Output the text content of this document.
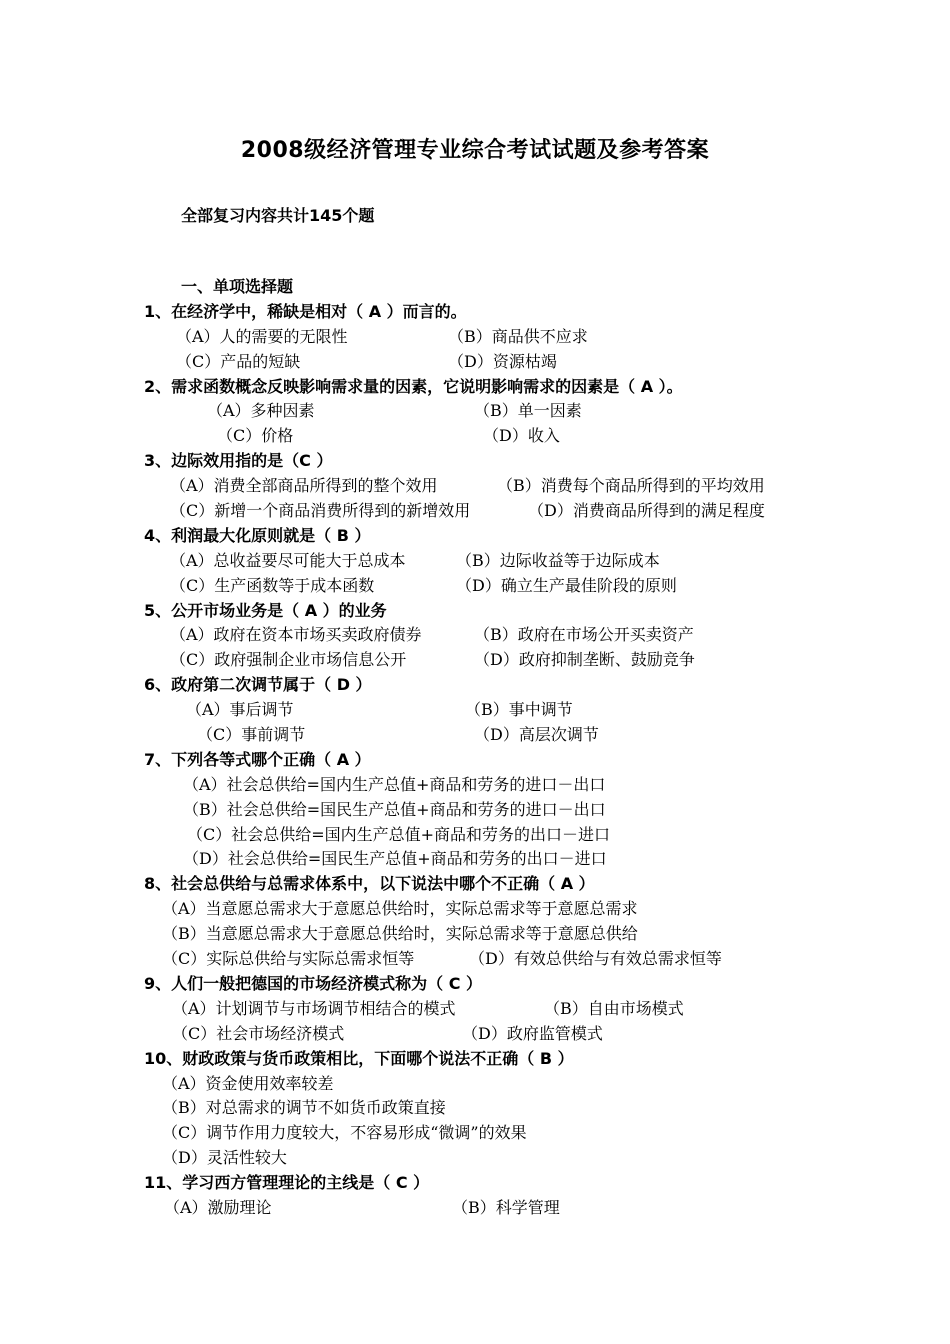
2008级经济管理专业综合考试试题及参考答案
全部复习内容共计145个题
一、单项选择题
1、在经济学中，稀缺是相对（ A ）而言的。
（A）人的需要的无限性	（B）商品供不应求
（C）产品的短缺	（D）资源枯竭
2、需求函数概念反映影响需求量的因素，它说明影响需求的因素是（ A ）。
（A）多种因素	（B）单一因素
（C）价格	（D）收入
3、边际效用指的是（C ）
（A）消费全部商品所得到的整个效用	（B）消费每个商品所得到的平均效用
（C）新增一个商品消费所得到的新增效用	（D）消费商品所得到的满足程度
4、利润最大化原则就是（ B ）
（A）总收益要尽可能大于总成本	（B）边际收益等于边际成本
（C）生产函数等于成本函数	（D）确立生产最佳阶段的原则
5、公开市场业务是（ A ）的业务
（A）政府在资本市场买卖政府债券	（B）政府在市场公开买卖资产
（C）政府强制企业市场信息公开	（D）政府抑制垄断、鼓励竞争
6、政府第二次调节属于（ D ）
（A）事后调节	（B）事中调节
（C）事前调节	（D）高层次调节
7、下列各等式哪个正确（ A ）
（A）社会总供给=国内生产总值+商品和劳务的进口－出口
（B）社会总供给=国民生产总值+商品和劳务的进口－出口
（C）社会总供给=国内生产总值+商品和劳务的出口－进口
（D）社会总供给=国民生产总值+商品和劳务的出口－进口
8、社会总供给与总需求体系中，以下说法中哪个不正确（ A ）
（A）当意愿总需求大于意愿总供给时，实际总需求等于意愿总需求
（B）当意愿总需求大于意愿总供给时，实际总需求等于意愿总供给
（C）实际总供给与实际总需求恒等	（D）有效总供给与有效总需求恒等
9、人们一般把德国的市场经济模式称为（ C ）
（A）计划调节与市场调节相结合的模式	（B）自由市场模式
（C）社会市场经济模式	（D）政府监管模式
10、财政政策与货币政策相比，下面哪个说法不正确（ B ）
（A）资金使用效率较差
（B）对总需求的调节不如货币政策直接
（C）调节作用力度较大，不容易形成“微调”的效果
（D）灵活性较大
11、学习西方管理理论的主线是（ C ）
（A）激励理论	（B）科学管理
